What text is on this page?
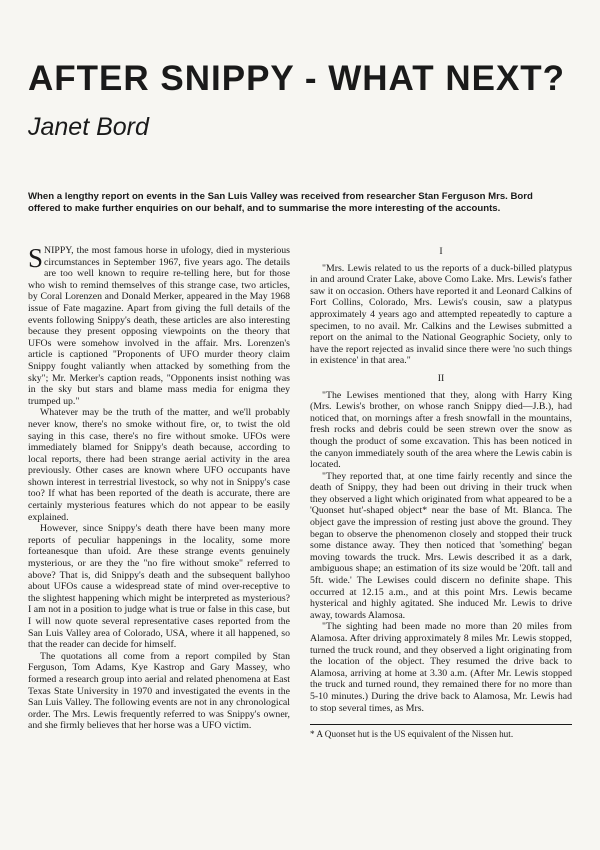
AFTER SNIPPY - WHAT NEXT?
Janet Bord
When a lengthy report on events in the San Luis Valley was received from researcher Stan Ferguson Mrs. Bord offered to make further enquiries on our behalf, and to summarise the more interesting of the accounts.

SNIPPY, the most famous horse in ufology, died in mysterious circumstances in September 1967, five years ago. The details are too well known to require re-telling here, but for those who wish to remind themselves of this strange case, two articles, by Coral Lorenzen and Donald Merker, appeared in the May 1968 issue of Fate magazine. Apart from giving the full details of the events following Snippy's death, these articles are also interesting because they present opposing viewpoints on the theory that UFOs were somehow involved in the affair. Mrs. Lorenzen's article is captioned "Proponents of UFO murder theory claim Snippy fought valiantly when attacked by something from the sky"; Mr. Merker's caption reads, "Opponents insist nothing was in the sky but stars and blame mass media for enigma they trumped up."

Whatever may be the truth of the matter, and we'll probably never know, there's no smoke without fire, or, to twist the old saying in this case, there's no fire without smoke. UFOs were immediately blamed for Snippy's death because, according to local reports, there had been strange aerial activity in the area previously. Other cases are known where UFO occupants have shown interest in terrestrial livestock, so why not in Snippy's case too? If what has been reported of the death is accurate, there are certainly mysterious features which do not appear to be easily explained.

However, since Snippy's death there have been many more reports of peculiar happenings in the locality, some more forteanesque than ufoid. Are these strange events genuinely mysterious, or are they the "no fire without smoke" referred to above? That is, did Snippy's death and the subsequent ballyhoo about UFOs cause a widespread state of mind over-receptive to the slightest happening which might be interpreted as mysterious? I am not in a position to judge what is true or false in this case, but I will now quote several representative cases reported from the San Luis Valley area of Colorado, USA, where it all happened, so that the reader can decide for himself.

The quotations all come from a report compiled by Stan Ferguson, Tom Adams, Kye Kastrop and Gary Massey, who formed a research group into aerial and related phenomena at East Texas State University in 1970 and investigated the events in the San Luis Valley. The following events are not in any chronological order. The Mrs. Lewis frequently referred to was Snippy's owner, and she firmly believes that her horse was a UFO victim.

I

"Mrs. Lewis related to us the reports of a duck-billed platypus in and around Crater Lake, above Como Lake. Mrs. Lewis's father saw it on occasion. Others have reported it and Leonard Calkins of Fort Collins, Colorado, Mrs. Lewis's cousin, saw a platypus approximately 4 years ago and attempted repeatedly to capture a specimen, to no avail. Mr. Calkins and the Lewises submitted a report on the animal to the National Geographic Society, only to have the report rejected as invalid since there were 'no such things in existence' in that area."

II

"The Lewises mentioned that they, along with Harry King (Mrs. Lewis's brother, on whose ranch Snippy died—J.B.), had noticed that, on mornings after a fresh snowfall in the mountains, fresh rocks and debris could be seen strewn over the snow as though the product of some excavation. This has been noticed in the canyon immediately south of the area where the Lewis cabin is located.

"They reported that, at one time fairly recently and since the death of Snippy, they had been out driving in their truck when they observed a light which originated from what appeared to be a 'Quonset hut'-shaped object* near the base of Mt. Blanca. The object gave the impression of resting just above the ground. They began to observe the phenomenon closely and stopped their truck some distance away. They then noticed that 'something' began moving towards the truck. Mrs. Lewis described it as a dark, ambiguous shape; an estimation of its size would be '20ft. tall and 5ft. wide.' The Lewises could discern no definite shape. This occurred at 12.15 a.m., and at this point Mrs. Lewis became hysterical and highly agitated. She induced Mr. Lewis to drive away, towards Alamosa.

"The sighting had been made no more than 20 miles from Alamosa. After driving approximately 8 miles Mr. Lewis stopped, turned the truck round, and they observed a light originating from the location of the object. They resumed the drive back to Alamosa, arriving at home at 3.30 a.m. (After Mr. Lewis stopped the truck and turned round, they remained there for no more than 5-10 minutes.) During the drive back to Alamosa, Mr. Lewis had to stop several times, as Mrs.

* A Quonset hut is the US equivalent of the Nissen hut.
